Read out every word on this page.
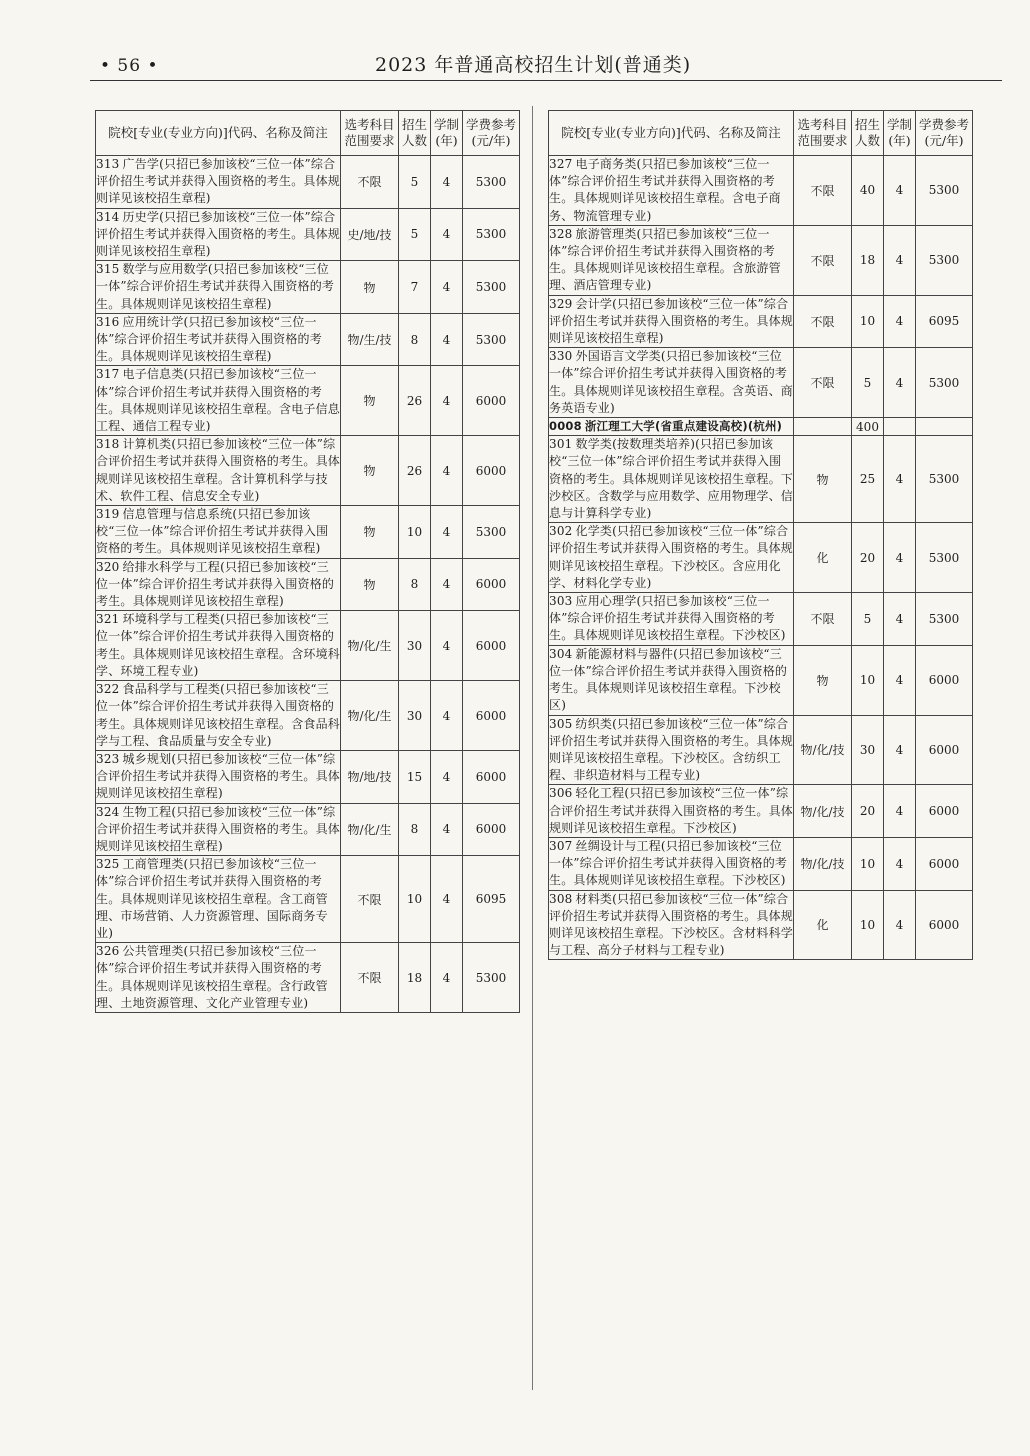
• 56 •	2023 年普通高校招生计划(普通类)
院校[专业(专业方向)]代码、名称及简注	选考科目范围要求	招生人数	学制(年)	学费参考(元/年)
313 广告学(只招已参加该校“三位一体”综合评价招生考试并获得入围资格的考生。具体规则详见该校招生章程)	不限	5	4	5300
314 历史学(只招已参加该校“三位一体”综合评价招生考试并获得入围资格的考生。具体规则详见该校招生章程)	史/地/技	5	4	5300
315 数学与应用数学(只招已参加该校“三位一体”综合评价招生考试并获得入围资格的考生。具体规则详见该校招生章程)	物	7	4	5300
316 应用统计学(只招已参加该校“三位一体”综合评价招生考试并获得入围资格的考生。具体规则详见该校招生章程)	物/生/技	8	4	5300
317 电子信息类(只招已参加该校“三位一体”综合评价招生考试并获得入围资格的考生。具体规则详见该校招生章程。含电子信息工程、通信工程专业)	物	26	4	6000
318 计算机类(只招已参加该校“三位一体”综合评价招生考试并获得入围资格的考生。具体规则详见该校招生章程。含计算机科学与技术、软件工程、信息安全专业)	物	26	4	6000
319 信息管理与信息系统(只招已参加该校“三位一体”综合评价招生考试并获得入围资格的考生。具体规则详见该校招生章程)	物	10	4	5300
320 给排水科学与工程(只招已参加该校“三位一体”综合评价招生考试并获得入围资格的考生。具体规则详见该校招生章程)	物	8	4	6000
321 环境科学与工程类(只招已参加该校“三位一体”综合评价招生考试并获得入围资格的考生。具体规则详见该校招生章程。含环境科学、环境工程专业)	物/化/生	30	4	6000
322 食品科学与工程类(只招已参加该校“三位一体”综合评价招生考试并获得入围资格的考生。具体规则详见该校招生章程。含食品科学与工程、食品质量与安全专业)	物/化/生	30	4	6000
323 城乡规划(只招已参加该校“三位一体”综合评价招生考试并获得入围资格的考生。具体规则详见该校招生章程)	物/地/技	15	4	6000
324 生物工程(只招已参加该校“三位一体”综合评价招生考试并获得入围资格的考生。具体规则详见该校招生章程)	物/化/生	8	4	6000
325 工商管理类(只招已参加该校“三位一体”综合评价招生考试并获得入围资格的考生。具体规则详见该校招生章程。含工商管理、市场营销、人力资源管理、国际商务专业)	不限	10	4	6095
326 公共管理类(只招已参加该校“三位一体”综合评价招生考试并获得入围资格的考生。具体规则详见该校招生章程。含行政管理、土地资源管理、文化产业管理专业)	不限	18	4	5300
院校[专业(专业方向)]代码、名称及简注	选考科目范围要求	招生人数	学制(年)	学费参考(元/年)
327 电子商务类(只招已参加该校“三位一体”综合评价招生考试并获得入围资格的考生。具体规则详见该校招生章程。含电子商务、物流管理专业)	不限	40	4	5300
328 旅游管理类(只招已参加该校“三位一体”综合评价招生考试并获得入围资格的考生。具体规则详见该校招生章程。含旅游管理、酒店管理专业)	不限	18	4	5300
329 会计学(只招已参加该校“三位一体”综合评价招生考试并获得入围资格的考生。具体规则详见该校招生章程)	不限	10	4	6095
330 外国语言文学类(只招已参加该校“三位一体”综合评价招生考试并获得入围资格的考生。具体规则详见该校招生章程。含英语、商务英语专业)	不限	5	4	5300
0008 浙江理工大学(省重点建设高校)(杭州)		400		
301 数学类(按数理类培养)(只招已参加该校“三位一体”综合评价招生考试并获得入围资格的考生。具体规则详见该校招生章程。下沙校区。含数学与应用数学、应用物理学、信息与计算科学专业)	物	25	4	5300
302 化学类(只招已参加该校“三位一体”综合评价招生考试并获得入围资格的考生。具体规则详见该校招生章程。下沙校区。含应用化学、材料化学专业)	化	20	4	5300
303 应用心理学(只招已参加该校“三位一体”综合评价招生考试并获得入围资格的考生。具体规则详见该校招生章程。下沙校区)	不限	5	4	5300
304 新能源材料与器件(只招已参加该校“三位一体”综合评价招生考试并获得入围资格的考生。具体规则详见该校招生章程。下沙校区)	物	10	4	6000
305 纺织类(只招已参加该校“三位一体”综合评价招生考试并获得入围资格的考生。具体规则详见该校招生章程。下沙校区。含纺织工程、非织造材料与工程专业)	物/化/技	30	4	6000
306 轻化工程(只招已参加该校“三位一体”综合评价招生考试并获得入围资格的考生。具体规则详见该校招生章程。下沙校区)	物/化/技	20	4	6000
307 丝绸设计与工程(只招已参加该校“三位一体”综合评价招生考试并获得入围资格的考生。具体规则详见该校招生章程。下沙校区)	物/化/技	10	4	6000
308 材料类(只招已参加该校“三位一体”综合评价招生考试并获得入围资格的考生。具体规则详见该校招生章程。下沙校区。含材料科学与工程、高分子材料与工程专业)	化	10	4	6000
